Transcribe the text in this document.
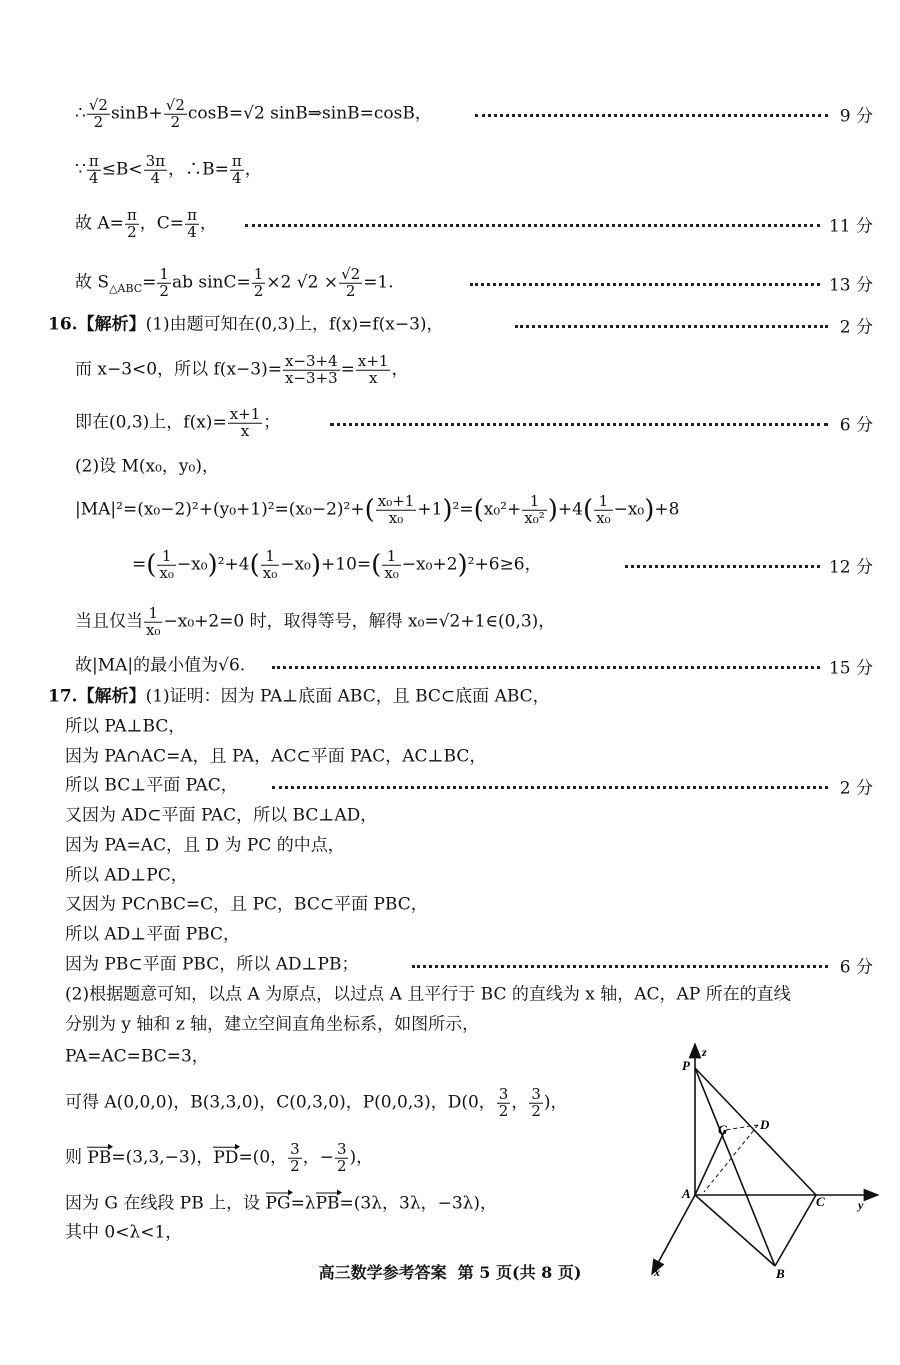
∴ $\frac{√2}{2} \sin B+ \frac{√2}{2} \cos B=√2$ sinB⇒sinB=cosB，	9 分
∵ $\frac{\pi}{4} \le B< \frac{3\pi}{4}$ ，∴B= $\frac{\pi}{4}$ ，
故 $A= \frac{\pi}{2}$ ，$C= \frac{\pi}{4}$ ，	11 分
故 $S_{\triangle ABC}= \frac{1}{2}$ ab $\sin C= \frac{1}{2} \times 2$ $√2 \times \frac{√2}{2} =1$.	13 分
16.【解析】(1)由题可知在(0,3)上，f(x)=f(x−3)，	2 分
而 x−3<0，所以 $f(x-3)= \frac{x-3+4}{x-3+3} = \frac{x+1}{x}$ ，
即在(0,3)上，$f(x)= \frac{x+1}{x}$ ；	6 分
(2)设 M(x₀，y₀)，
$|MA|^2=(x_0-2)^2+(y_0+1)^2=(x_0-2)^2+( \frac{\text{x₀+1}}{\text{x₀}} +1)^2=(x_0^2+ \frac{1}{\text{x₀²}} )+4( \frac{1}{\text{x₀}} -x_0)+8$
=( $\frac{1}{\text{x₀}} -x_0)^2+4( \frac{1}{\text{x₀}} -x_0)+10=( \frac{1}{\text{x₀}} -x_0+2)^2+6\ge 6$，	12 分
当且仅当 $\frac{1}{\text{x₀}} -x_0+2=0$ 时，取得等号，解得 x₀=√2+1∈(0,3)，
故|MA|的最小值为√6.	15 分
17.【解析】(1)证明：因为 PA⊥底面 ABC，且 BC⊂底面 ABC，
所以 PA⊥BC，
因为 PA∩AC=A，且 PA，AC⊂平面 PAC，AC⊥BC，
所以 BC⊥平面 PAC，	2 分
又因为 AD⊂平面 PAC，所以 BC⊥AD，
因为 PA=AC，且 D 为 PC 的中点，
所以 AD⊥PC，
又因为 PC∩BC=C，且 PC，BC⊂平面 PBC，
所以 AD⊥平面 PBC，
因为 PB⊂平面 PBC，所以 AD⊥PB；	6 分
(2)根据题意可知，以点 A 为原点，以过点 A 且平行于 BC 的直线为 x 轴，AC，AP 所在的直线
分别为 y 轴和 z 轴，建立空间直角坐标系，如图所示，
PA=AC=BC=3，
可得 A(0,0,0)，B(3,3,0)，C(0,3,0)，P(0,0,3)，D(0， $\frac{3}{2}$ ， $\frac{3}{2}$ )，
则 PB=(3,3,−3)，PD=(0， $\frac{3}{2}$ ，− $\frac{3}{2}$ )，
因为 G 在线段 PB 上，设 PG=λPB=(3λ，3λ，−3λ)，
其中 0<λ<1，
P
z
D
G
A
C	y
x	B
高三数学参考答案 第 5 页(共 8 页)
